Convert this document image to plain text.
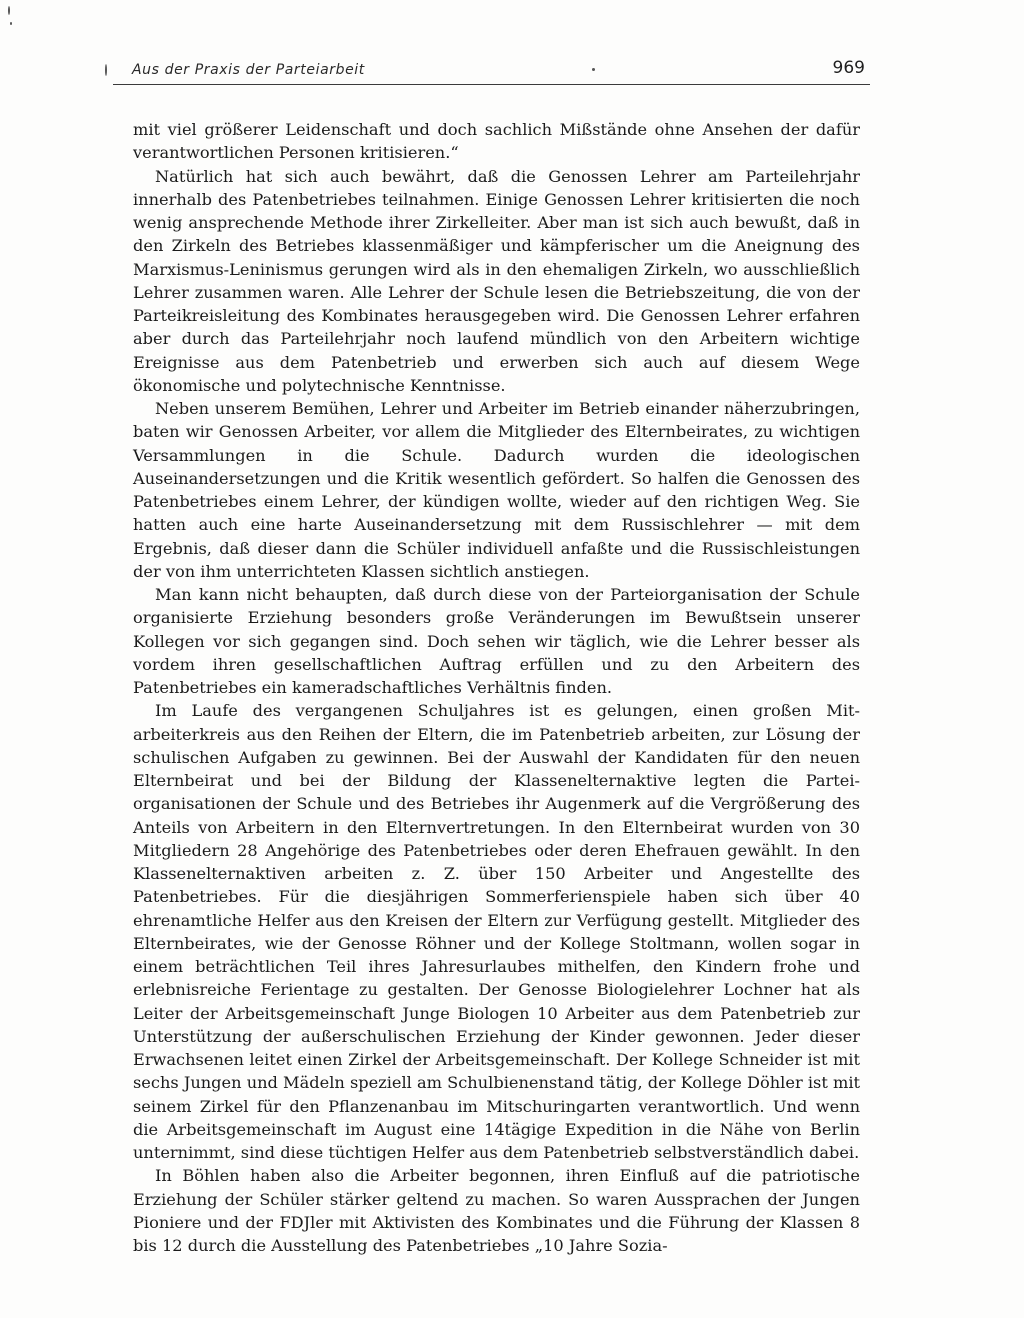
Aus der Praxis der Parteiarbeit	969

mit viel größerer Leidenschaft und doch sachlich Mißstände ohne Ansehen der dafür verantwortlichen Personen kritisieren.“

Natürlich hat sich auch bewährt, daß die Genossen Lehrer am Parteilehrjahr innerhalb des Patenbetriebes teilnahmen. Einige Genossen Lehrer kritisierten die noch wenig ansprechende Methode ihrer Zirkelleiter. Aber man ist sich auch bewußt, daß in den Zirkeln des Betriebes klassenmäßiger und kämpferischer um die Aneignung des Marxismus-Leninismus gerungen wird als in den ehemaligen Zirkeln, wo ausschließlich Lehrer zusammen waren. Alle Lehrer der Schule lesen die Betriebszeitung, die von der Parteikreisleitung des Kombinates herausgegeben wird. Die Genossen Lehrer erfahren aber durch das Parteilehrjahr noch laufend mündlich von den Arbeitern wichtige Ereignisse aus dem Patenbetrieb und erwerben sich auch auf diesem Wege ökonomische und polytechnische Kenntnisse.

Neben unserem Bemühen, Lehrer und Arbeiter im Betrieb einander näherzubringen, baten wir Genossen Arbeiter, vor allem die Mitglieder des Elternbeirates, zu wichtigen Versammlungen in die Schule. Dadurch wurden die ideologischen Auseinandersetzungen und die Kritik wesentlich gefördert. So halfen die Genossen des Patenbetriebes einem Lehrer, der kündigen wollte, wieder auf den richtigen Weg. Sie hatten auch eine harte Auseinandersetzung mit dem Russischlehrer — mit dem Ergebnis, daß dieser dann die Schüler individuell anfaßte und die Russischleistungen der von ihm unterrichteten Klassen sichtlich anstiegen.

Man kann nicht behaupten, daß durch diese von der Parteiorganisation der Schule organisierte Erziehung besonders große Veränderungen im Bewußtsein unserer Kollegen vor sich gegangen sind. Doch sehen wir täglich, wie die Lehrer besser als vordem ihren gesellschaftlichen Auftrag erfüllen und zu den Arbeitern des Patenbetriebes ein kameradschaftliches Verhältnis finden.

Im Laufe des vergangenen Schuljahres ist es gelungen, einen großen Mitarbeiterkreis aus den Reihen der Eltern, die im Patenbetrieb arbeiten, zur Lösung der schulischen Aufgaben zu gewinnen. Bei der Auswahl der Kandidaten für den neuen Elternbeirat und bei der Bildung der Klassenelternaktive legten die Parteiorganisationen der Schule und des Betriebes ihr Augenmerk auf die Vergrößerung des Anteils von Arbeitern in den Elternvertretungen. In den Elternbeirat wurden von 30 Mitgliedern 28 Angehörige des Patenbetriebes oder deren Ehefrauen gewählt. In den Klassenelternaktiven arbeiten z. Z. über 150 Arbeiter und Angestellte des Patenbetriebes. Für die diesjährigen Sommerferienspiele haben sich über 40 ehrenamtliche Helfer aus den Kreisen der Eltern zur Verfügung gestellt. Mitglieder des Elternbeirates, wie der Genosse Röhner und der Kollege Stoltmann, wollen sogar in einem beträchtlichen Teil ihres Jahresurlaubes mithelfen, den Kindern frohe und erlebnisreiche Ferientage zu gestalten. Der Genosse Biologielehrer Lochner hat als Leiter der Arbeitsgemeinschaft Junge Biologen 10 Arbeiter aus dem Patenbetrieb zur Unterstützung der außerschulischen Erziehung der Kinder gewonnen. Jeder dieser Erwachsenen leitet einen Zirkel der Arbeitsgemeinschaft. Der Kollege Schneider ist mit sechs Jungen und Mädeln speziell am Schulbienenstand tätig, der Kollege Döhler ist mit seinem Zirkel für den Pflanzenanbau im Mitschuringarten verantwortlich. Und wenn die Arbeitsgemeinschaft im August eine 14tägige Expedition in die Nähe von Berlin unternimmt, sind diese tüchtigen Helfer aus dem Patenbetrieb selbstverständlich dabei.

In Böhlen haben also die Arbeiter begonnen, ihren Einfluß auf die patriotische Erziehung der Schüler stärker geltend zu machen. So waren Aussprachen der Jungen Pioniere und der FDJler mit Aktivisten des Kombinates und die Führung der Klassen 8 bis 12 durch die Ausstellung des Patenbetriebes „10 Jahre Sozia-
